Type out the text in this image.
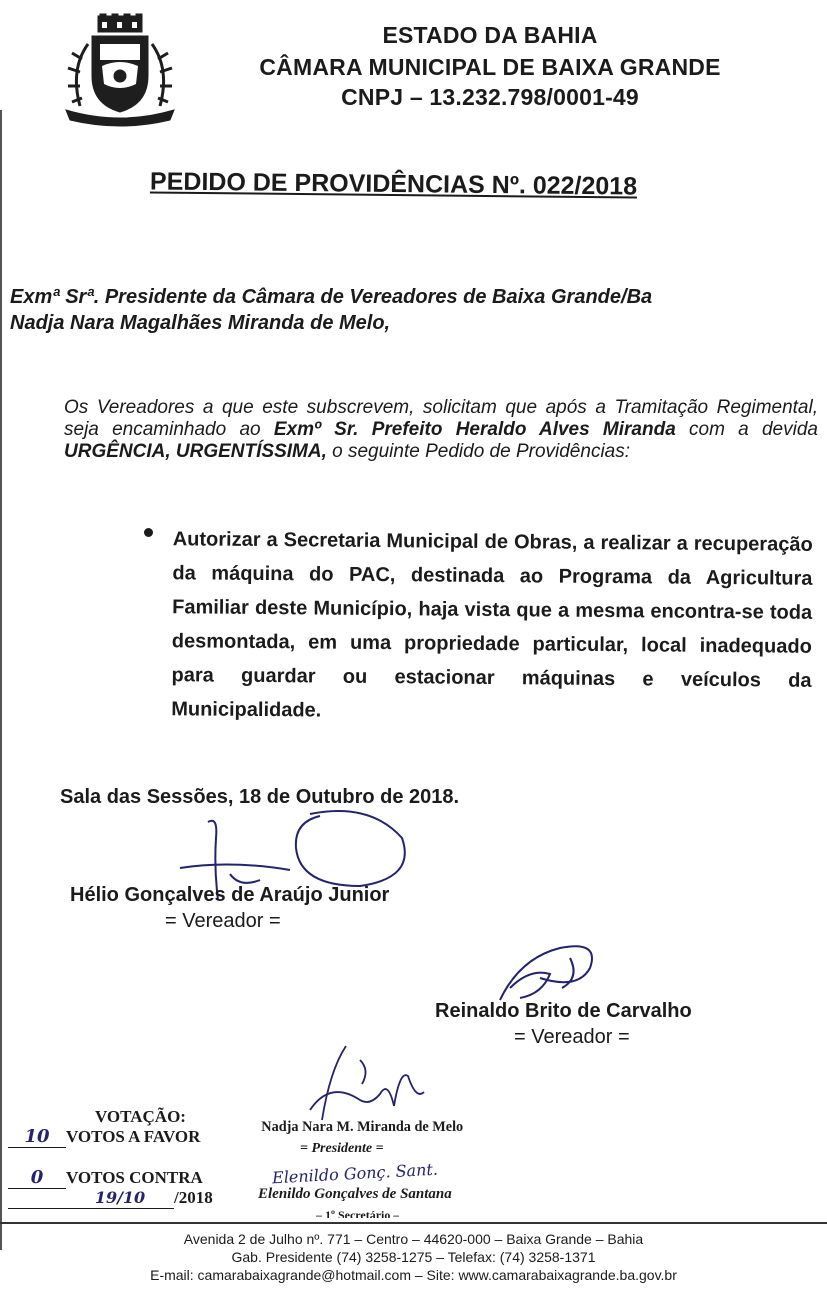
ESTADO DA BAHIA
CÂMARA MUNICIPAL DE BAIXA GRANDE
CNPJ – 13.232.798/0001-49
PEDIDO DE PROVIDÊNCIAS Nº. 022/2018
Exmª Srª. Presidente da Câmara de Vereadores de Baixa Grande/Ba
Nadja Nara Magalhães Miranda de Melo,

Os Vereadores a que este subscrevem, solicitam que após a Tramitação Regimental, seja encaminhado ao Exmº Sr. Prefeito Heraldo Alves Miranda com a devida URGÊNCIA, URGENTÍSSIMA, o seguinte Pedido de Providências:

Autorizar a Secretaria Municipal de Obras, a realizar a recuperação da máquina do PAC, destinada ao Programa da Agricultura Familiar deste Município, haja vista que a mesma encontra-se toda desmontada, em uma propriedade particular, local inadequado para guardar ou estacionar máquinas e veículos da Municipalidade.
Sala das Sessões, 18 de Outubro de 2018.
Hélio Gonçalves de Araújo Junior
= Vereador =
Reinaldo Brito de Carvalho
= Vereador =
VOTAÇÃO:
10 VOTOS A FAVOR
0 VOTOS CONTRA
19/10 /2018
Nadja Nara M. Miranda de Melo
= Presidente =
Elenildo Gonç. Sant.
Elenildo Gonçalves de Santana
– 1º Secretário –
Avenida 2 de Julho nº. 771 – Centro – 44620-000 – Baixa Grande – Bahia
Gab. Presidente (74) 3258-1275 – Telefax: (74) 3258-1371
E-mail: camarabaixagrande@hotmail.com – Site: www.camarabaixagrande.ba.gov.br
